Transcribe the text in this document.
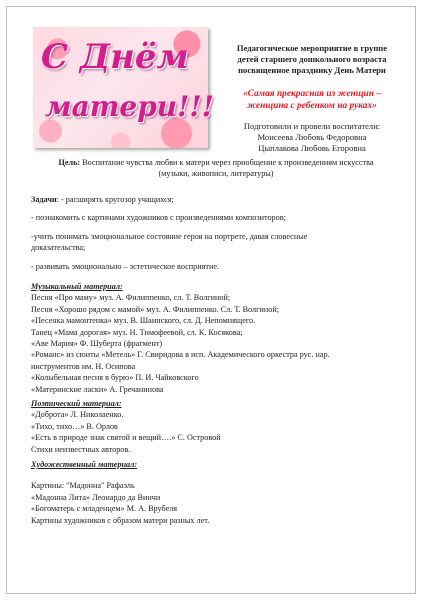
С Днём
матери!!!
Педагогическое мероприятие в группе
детей старшего дошкольного возраста
посвященное празднику День Матери
«Самая прекрасная из женщин –
женщина с ребенком на руках»
Подготовили и провели воспитатели:
Моисеева Любовь Федоровна
Цыплакова Любовь Егоровна
Цель: Воспитание чувства любви к матери через приобщение к произведениям искусства
(музыки, живописи, литературы)
Задачи: - расширять кругозор учащихся;
- познакомить с картинами художников с произведениями композиторов;
-учить понимать эмоциональное состояние героя на портрете, давая словесные
доказательства;
- развивать эмоционально – эстетическое восприятие.
Музыкальный материал:
Песня «Про маму» муз. А. Филиппенко, сл. Т. Волгиной;
Песня «Хорошо рядом с мамой» муз. А. Филиппенко. Сл. Т. Волгиной;
«Песенка мамонтенка» муз. В. Шаинского, сл. Д. Непомнящего.
Танец «Мама дорогая» муз. Н. Тимофеевой, сл. К. Косякова;
«Аве Мария» Ф. Шуберта (фрагмент)
«Романс» из сюиты «Метель» Г. Свиридова в исп. Академического оркестра рус. нар.
инструментов им. Н. Осипова
«Колыбельная песня в бурю» П. И. Чайковского
«Материнские ласки» А. Гречанинова
Поэтический материал:
«Доброта» Л. Николаенко.
«Тихо, тихо…» В. Орлов
«Есть в природе знак святой и вещий….» С. Островой
Стихи неизвестных авторов.
Художественный материал:
Картины: "Мадонна" Рафаэль
«Мадонна Лита» Леонардо да Винчи
«Богоматерь с младенцем» М. А. Врубеля
Картины художников с образом матери разных лет.
